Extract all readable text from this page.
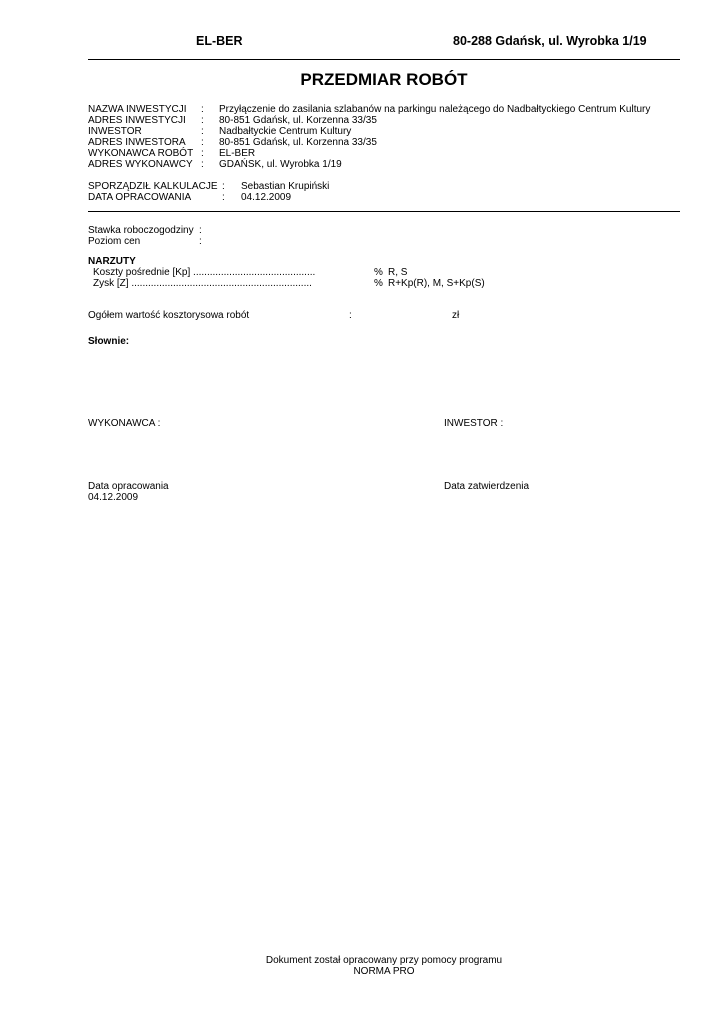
EL-BER	80-288 Gdańsk, ul. Wyrobka 1/19
PRZEDMIAR ROBÓT
NAZWA INWESTYCJI	:	Przyłączenie do zasilania szlabanów na parkingu należącego do Nadbałtyckiego Centrum Kultury
ADRES INWESTYCJI	:	80-851 Gdańsk, ul. Korzenna 33/35
INWESTOR	:	Nadbałtyckie Centrum Kultury
ADRES INWESTORA	:	80-851 Gdańsk, ul. Korzenna 33/35
WYKONAWCA ROBÓT :	EL-BER
ADRES WYKONAWCY :	GDAŃSK, ul. Wyrobka 1/19
SPORZĄDZIŁ KALKULACJE :	Sebastian Krupiński
DATA OPRACOWANIA	:	04.12.2009
Stawka roboczogodziny :
Poziom cen	:
NARZUTY
Koszty pośrednie [Kp] ............................................	% R, S
Zysk [Z] .................................................................	% R+Kp(R), M, S+Kp(S)
Ogółem wartość kosztorysowa robót	:	zł
Słownie:
WYKONAWCA :	INWESTOR :
Data opracowania
04.12.2009
Data zatwierdzenia
Dokument został opracowany przy pomocy programu
NORMA PRO
